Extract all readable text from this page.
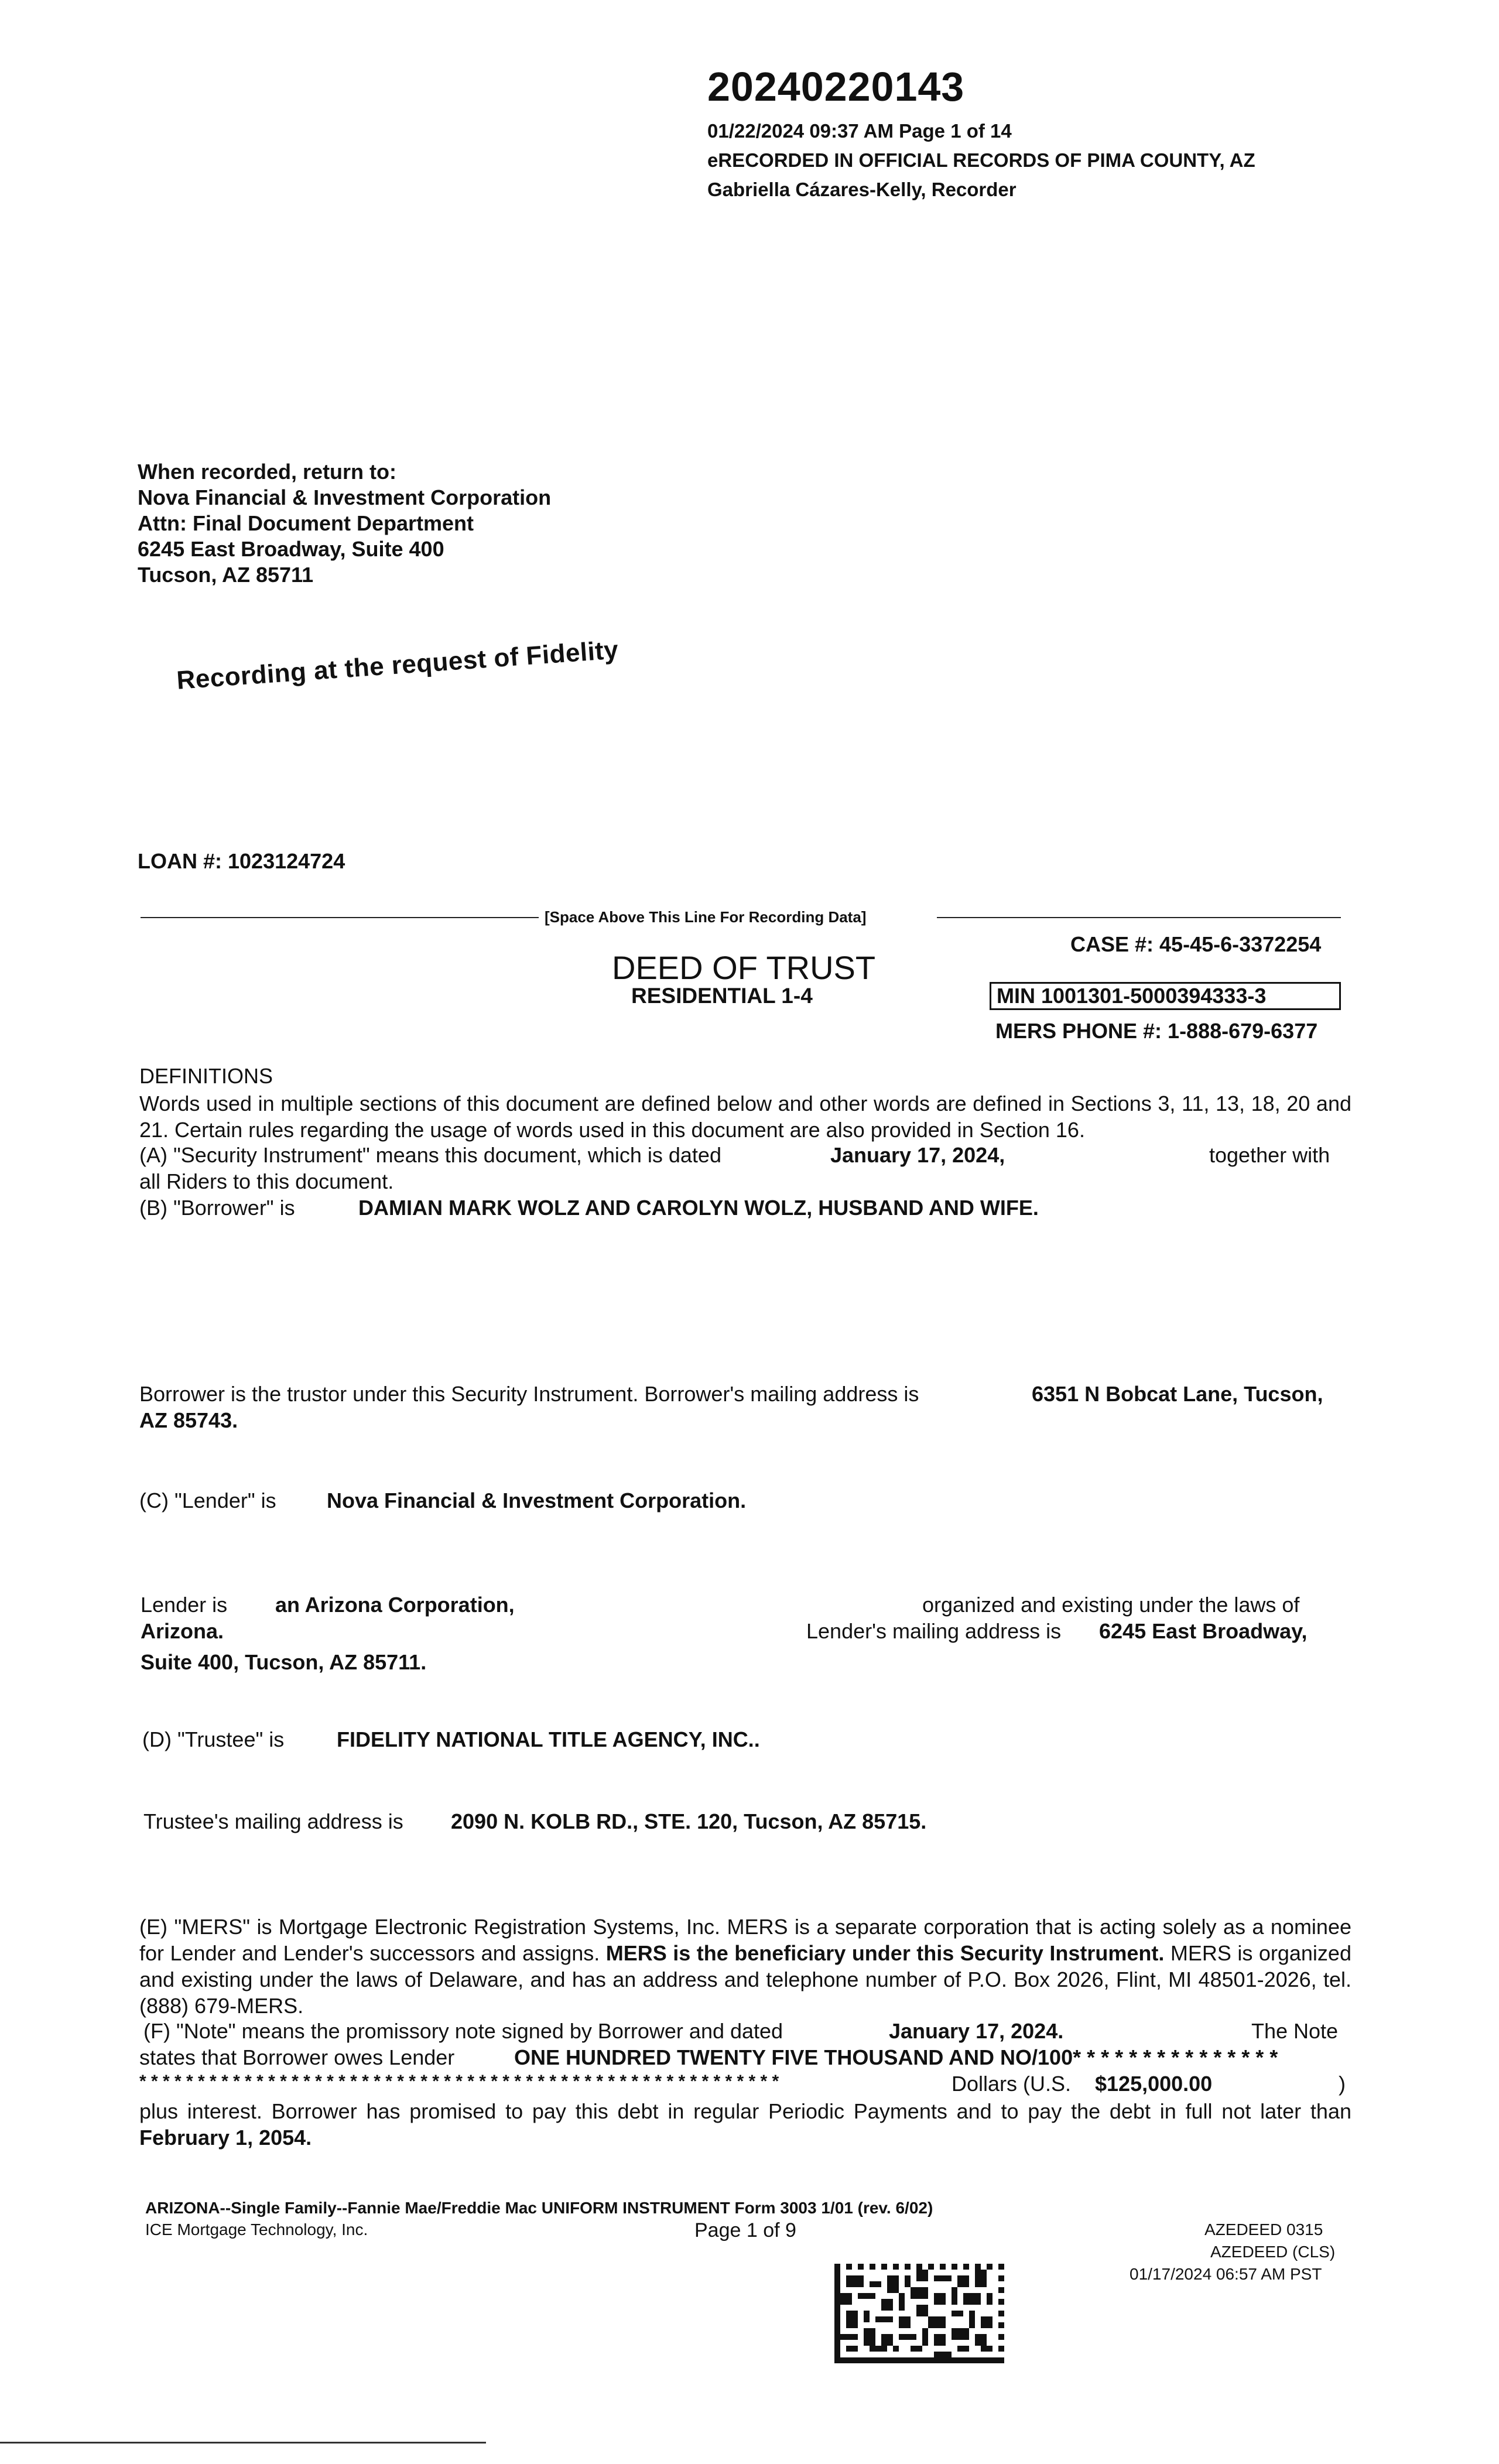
20240220143
01/22/2024 09:37 AM Page 1 of 14
eRECORDED IN OFFICIAL RECORDS OF PIMA COUNTY, AZ
Gabriella Cázares-Kelly, Recorder
When recorded, return to:
Nova Financial & Investment Corporation
Attn: Final Document Department
6245 East Broadway, Suite 400
Tucson, AZ 85711
Recording at the request of Fidelity
LOAN #: 1023124724
[Space Above This Line For Recording Data]
CASE #: 45-45-6-3372254
DEED OF TRUST
RESIDENTIAL 1-4	MIN 1001301-5000394333-3
MERS PHONE #: 1-888-679-6377
DEFINITIONS
Words used in multiple sections of this document are defined below and other words are defined in Sections 3, 11, 13, 18, 20 and 21. Certain rules regarding the usage of words used in this document are also provided in Section 16.
(A) "Security Instrument" means this document, which is dated	January 17, 2024,	together with
all Riders to this document.
(B) "Borrower" is	DAMIAN MARK WOLZ AND CAROLYN WOLZ, HUSBAND AND WIFE.
Borrower is the trustor under this Security Instrument. Borrower's mailing address is	6351 N Bobcat Lane, Tucson,
AZ 85743.
(C) "Lender" is Nova Financial & Investment Corporation.
Lender is an Arizona Corporation,	organized and existing under the laws of
Arizona.	Lender's mailing address is 6245 East Broadway,
Suite 400, Tucson, AZ 85711.
(D) "Trustee" is FIDELITY NATIONAL TITLE AGENCY, INC..
Trustee's mailing address is 2090 N. KOLB RD., STE. 120, Tucson, AZ 85715.
(E) "MERS" is Mortgage Electronic Registration Systems, Inc. MERS is a separate corporation that is acting solely as a nominee for Lender and Lender's successors and assigns. MERS is the beneficiary under this Security Instrument. MERS is organized and existing under the laws of Delaware, and has an address and telephone number of P.O. Box 2026, Flint, MI 48501-2026, tel. (888) 679-MERS.
(F) "Note" means the promissory note signed by Borrower and dated	January 17, 2024.	The Note
states that Borrower owes Lender	ONE HUNDRED TWENTY FIVE THOUSAND AND NO/100* * * * * * * * * * * * * * *
* * * * * * * * * * * * * * * * * * * * * * * * * * * * * * * * * * * * * * * * * * * * * * * * * * * * * * *	Dollars (U.S. $125,000.00	)
plus interest. Borrower has promised to pay this debt in regular Periodic Payments and to pay the debt in full not later than February 1, 2054.
ARIZONA--Single Family--Fannie Mae/Freddie Mac UNIFORM INSTRUMENT Form 3003 1/01 (rev. 6/02)
ICE Mortgage Technology, Inc.	Page 1 of 9	AZEDEED 0315
AZEDEED (CLS)
01/17/2024 06:57 AM PST
